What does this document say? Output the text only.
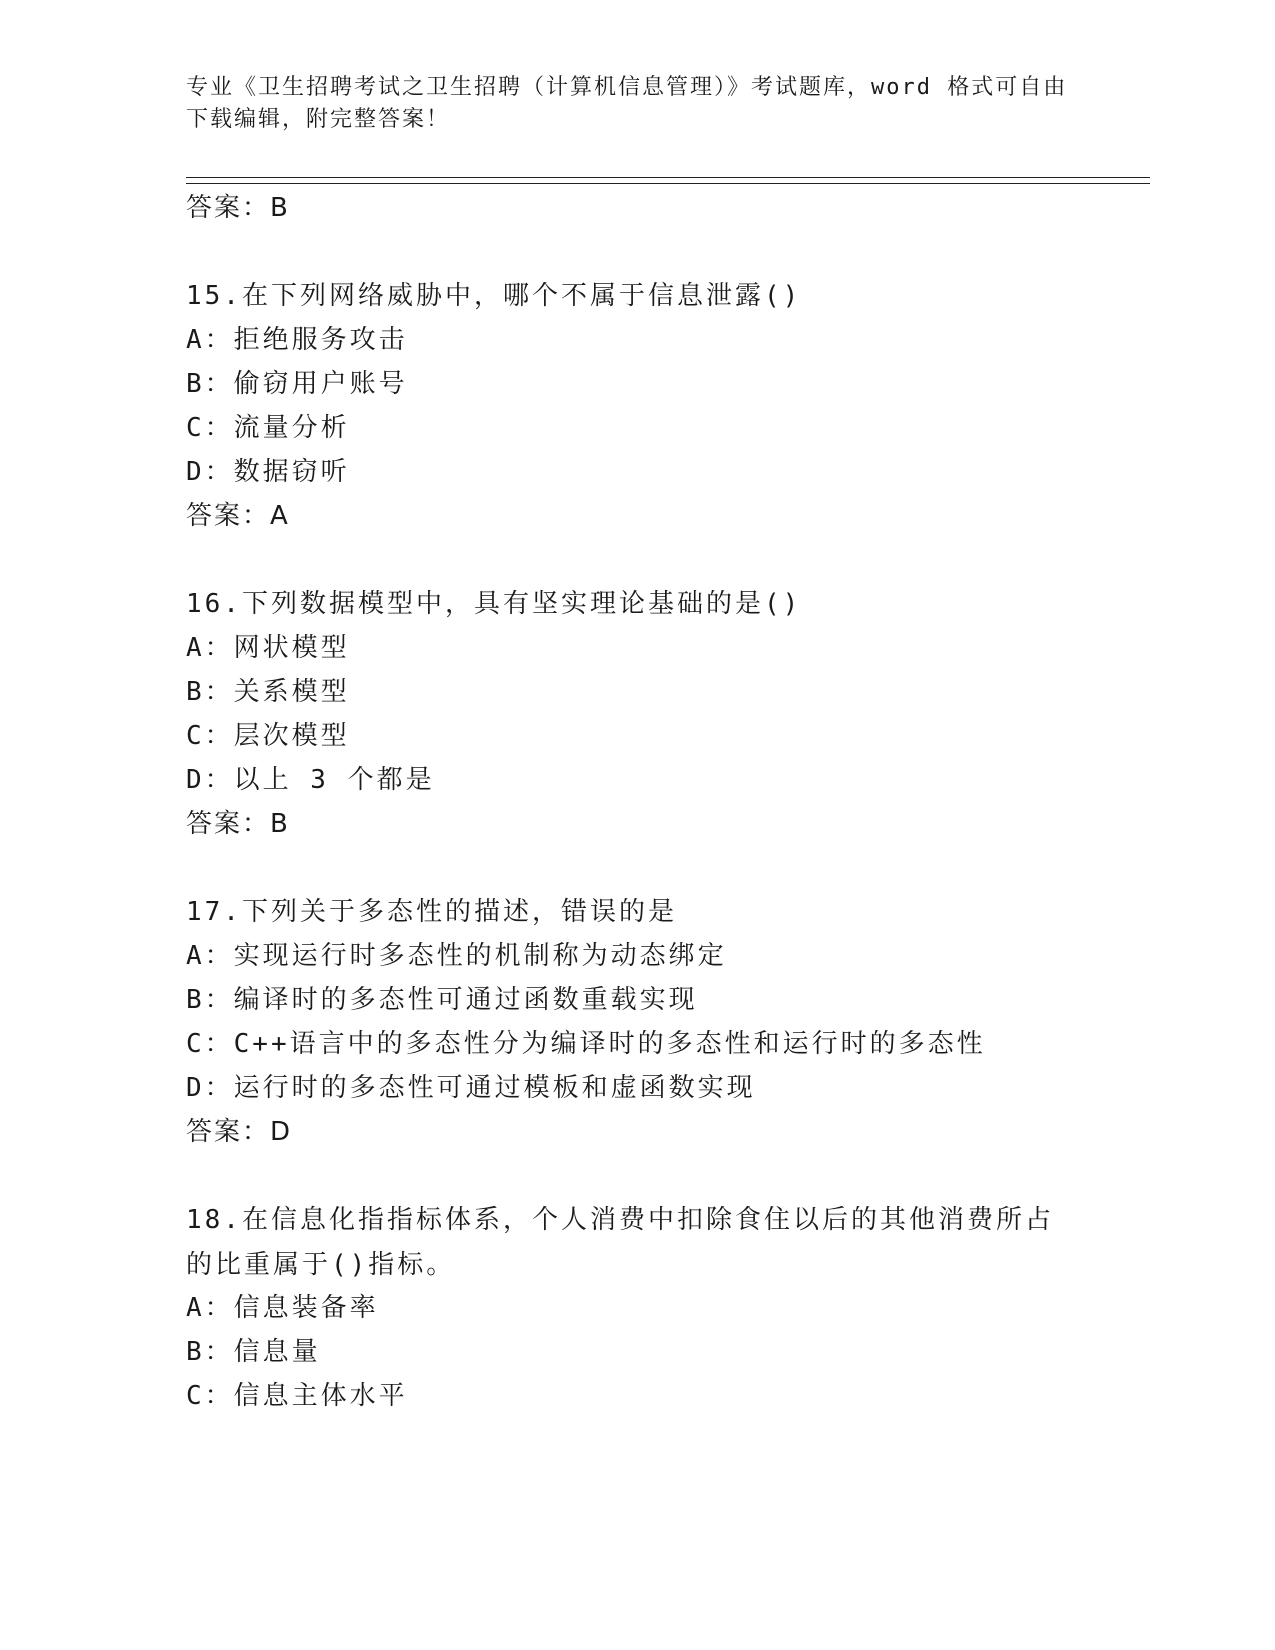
专业《卫生招聘考试之卫生招聘（计算机信息管理）》考试题库，word 格式可自由下载编辑，附完整答案！
答案：B
15.在下列网络威胁中，哪个不属于信息泄露()
A：拒绝服务攻击
B：偷窃用户账号
C：流量分析
D：数据窃听
答案：A
16.下列数据模型中，具有坚实理论基础的是()
A：网状模型
B：关系模型
C：层次模型
D：以上 3 个都是
答案：B
17.下列关于多态性的描述，错误的是
A：实现运行时多态性的机制称为动态绑定
B：编译时的多态性可通过函数重载实现
C：C++语言中的多态性分为编译时的多态性和运行时的多态性
D：运行时的多态性可通过模板和虚函数实现
答案：D
18.在信息化指指标体系，个人消费中扣除食住以后的其他消费所占的比重属于()指标。
A：信息装备率
B：信息量
C：信息主体水平
